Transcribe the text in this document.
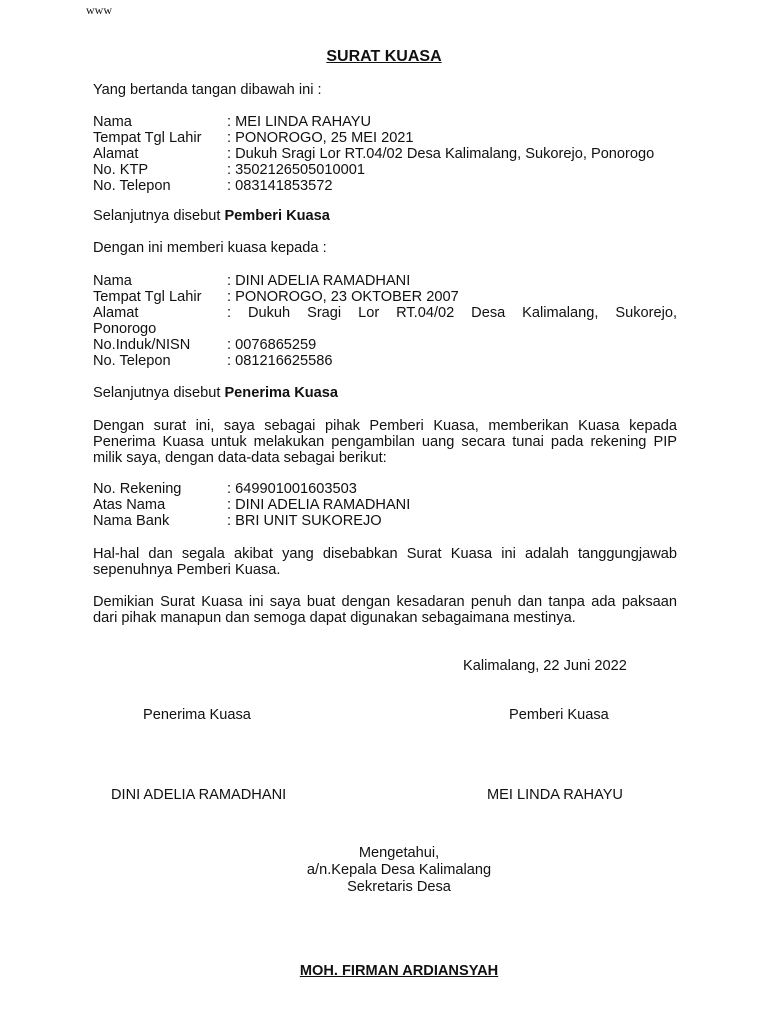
www
SURAT KUASA
Yang bertanda tangan dibawah ini :
Nama	: MEI LINDA RAHAYU
Tempat Tgl Lahir	: PONOROGO, 25 MEI 2021
Alamat	: Dukuh Sragi Lor RT.04/02 Desa Kalimalang, Sukorejo, Ponorogo
No. KTP	: 3502126505010001
No. Telepon	: 083141853572
Selanjutnya disebut Pemberi Kuasa
Dengan ini memberi kuasa kepada :
Nama	: DINI ADELIA RAMADHANI
Tempat Tgl Lahir	: PONOROGO, 23 OKTOBER 2007
Alamat	: Dukuh Sragi Lor RT.04/02 Desa Kalimalang, Sukorejo,
Ponorogo
No.Induk/NISN	: 0076865259
No. Telepon	: 081216625586
Selanjutnya disebut Penerima Kuasa
Dengan surat ini, saya sebagai pihak Pemberi Kuasa, memberikan Kuasa kepada Penerima Kuasa untuk melakukan pengambilan uang secara tunai pada rekening PIP milik saya, dengan data-data sebagai berikut:
No. Rekening	: 649901001603503
Atas Nama	: DINI ADELIA RAMADHANI
Nama Bank	: BRI UNIT SUKOREJO
Hal-hal dan segala akibat yang disebabkan Surat Kuasa ini adalah tanggungjawab sepenuhnya Pemberi Kuasa.
Demikian Surat Kuasa ini saya buat dengan kesadaran penuh dan tanpa ada paksaan dari pihak manapun dan semoga dapat digunakan sebagaimana mestinya.
Kalimalang, 22 Juni 2022
Penerima Kuasa	Pemberi Kuasa
DINI ADELIA RAMADHANI	MEI LINDA RAHAYU
Mengetahui,
a/n.Kepala Desa Kalimalang
Sekretaris Desa
MOH. FIRMAN ARDIANSYAH
